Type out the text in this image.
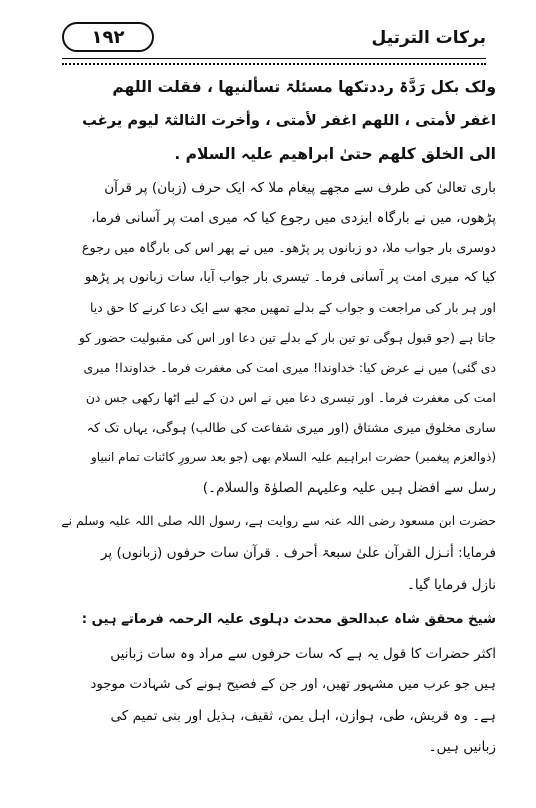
برکات الترتیل
۱۹۲
ولک بکل رَدَّۃ رددتکھا مسئلۃ تسألنیھا ، فقلت اللھم
اغفر لأمتی ، اللھم اغفر لأمتی ، وأخرت الثالثۃ لیوم یرغب
الی الخلق کلھم حتیٰ ابراھیم علیہ السلام .
باری تعالیٰ کی طرف سے مجھے پیغام ملا کہ ایک حرف (زبان) پر قرآن
پڑھوں، میں نے بارگاہ ایزدی میں رجوع کیا کہ میری امت پر آسانی فرما،
دوسری بار جواب ملا، دو زبانوں پر پڑھو۔ میں نے پھر اس کی بارگاہ میں رجوع
کیا کہ میری امت پر آسانی فرما۔ تیسری بار جواب آیا، سات زبانوں پر پڑھو
اور ہر بار کی مراجعت و جواب کے بدلے تمھیں مجھ سے ایک دعا کرنے کا حق دیا
جاتا ہے (جو قبول ہوگی تو تین بار کے بدلے تین دعا اور اس کی مقبولیت حضور کو
دی گئی) میں نے عرض کیا: خداوندا! میری امت کی مغفرت فرما۔ خداوندا! میری
امت کی مغفرت فرما۔ اور تیسری دعا میں نے اس دن کے لیے اٹھا رکھی جس دن
ساری مخلوق میری مشتاق (اور میری شفاعت کی طالب) ہوگی، یہاں تک کہ
(ذوالعزم پیغمبر) حضرت ابراہیم علیہ السلام بھی (جو بعد سرورِ کائنات تمام انبیاو
رسل سے افضل ہیں علیہ وعلیہم الصلوٰۃ والسلام۔)
حضرت ابن مسعود رضی اللہ عنہ سے روایت ہے، رسول اللہ صلی اللہ علیہ وسلم نے
فرمایا: أنـزل القرآن علیٰ سبعۃ أحرف . قرآن سات حرفوں (زبانوں) پر
نازل فرمایا گیا۔
شیخ محقق شاہ عبدالحق محدث دہلوی علیہ الرحمہ فرماتے ہیں :
اکثر حضرات کا قول یہ ہے کہ سات حرفوں سے مراد وہ سات زبانیں
ہیں جو عرب میں مشہور تھیں، اور جن کے فصیح ہونے کی شہادت موجود
ہے۔ وہ قریش، طی، ہوازن، اہل یمن، ثقیف، ہذیل اور بنی تمیم کی
زبانیں ہیں۔
